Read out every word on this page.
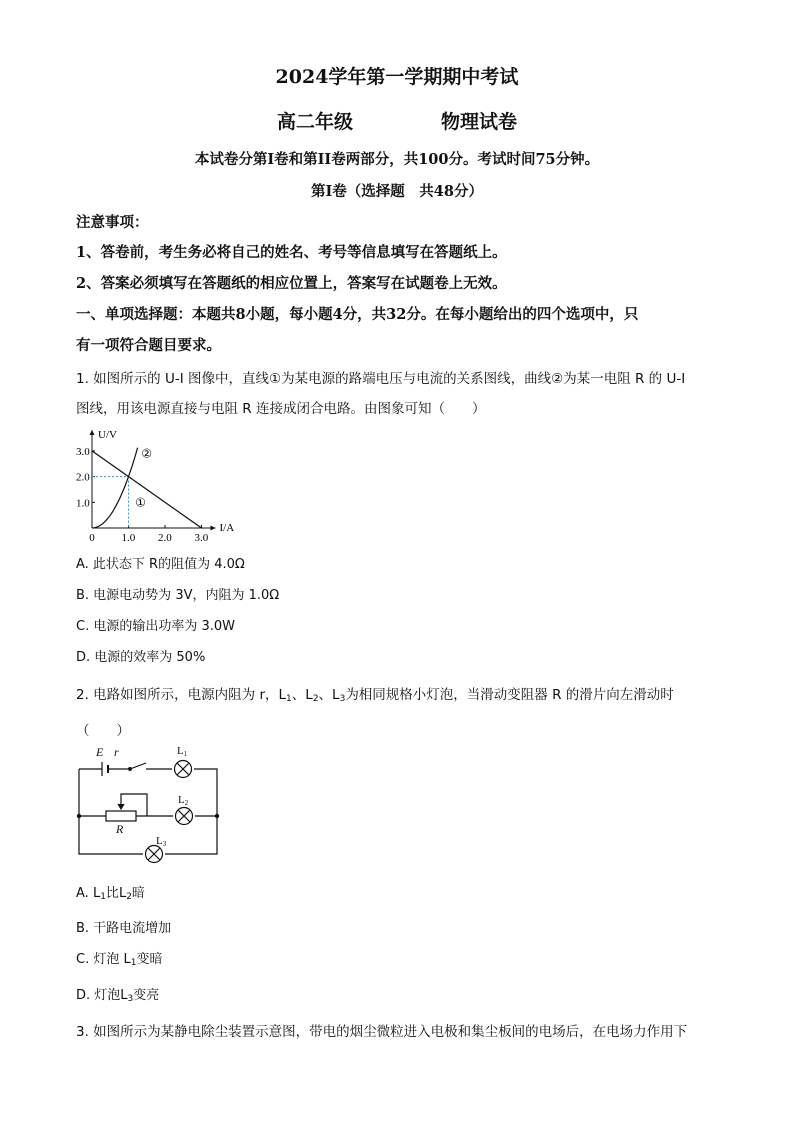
2024学年第一学期期中考试
高二年级	物理试卷
本试卷分第I卷和第II卷两部分，共100分。考试时间75分钟。
第I卷（选择题　共48分）
注意事项：
1、答卷前，考生务必将自己的姓名、考号等信息填写在答题纸上。
2、答案必须填写在答题纸的相应位置上，答案写在试题卷上无效。
一、单项选择题：本题共8小题，每小题4分，共32分。在每小题给出的四个选项中，只
有一项符合题目要求。
1. 如图所示的 U-I 图像中，直线①为某电源的路端电压与电流的关系图线，曲线②为某一电阻 R 的 U-I
图线，用该电源直接与电阻 R 连接成闭合电路。由图象可知（　　）
U/V
I/A
0 1.0 2.0 3.0
1.0
2.0
3.0	②
①
A. 此状态下 R的阻值为 4.0Ω
B. 电源电动势为 3V，内阻为 1.0Ω
C. 电源的输出功率为 3.0W
D. 电源的效率为 50%
2. 电路如图所示，电源内阻为 r，$L_1$、$L_2$、$L_3$为相同规格小灯泡，当滑动变阻器 R 的滑片向左滑动时
（　　）
E r
R
L1
L2
L3
A. $L_1$比$L_2$暗
B. 干路电流增加
C. 灯泡 $L_1$变暗
D. 灯泡$L_3$变亮
3. 如图所示为某静电除尘装置示意图，带电的烟尘微粒进入电极和集尘板间的电场后，在电场力作用下
